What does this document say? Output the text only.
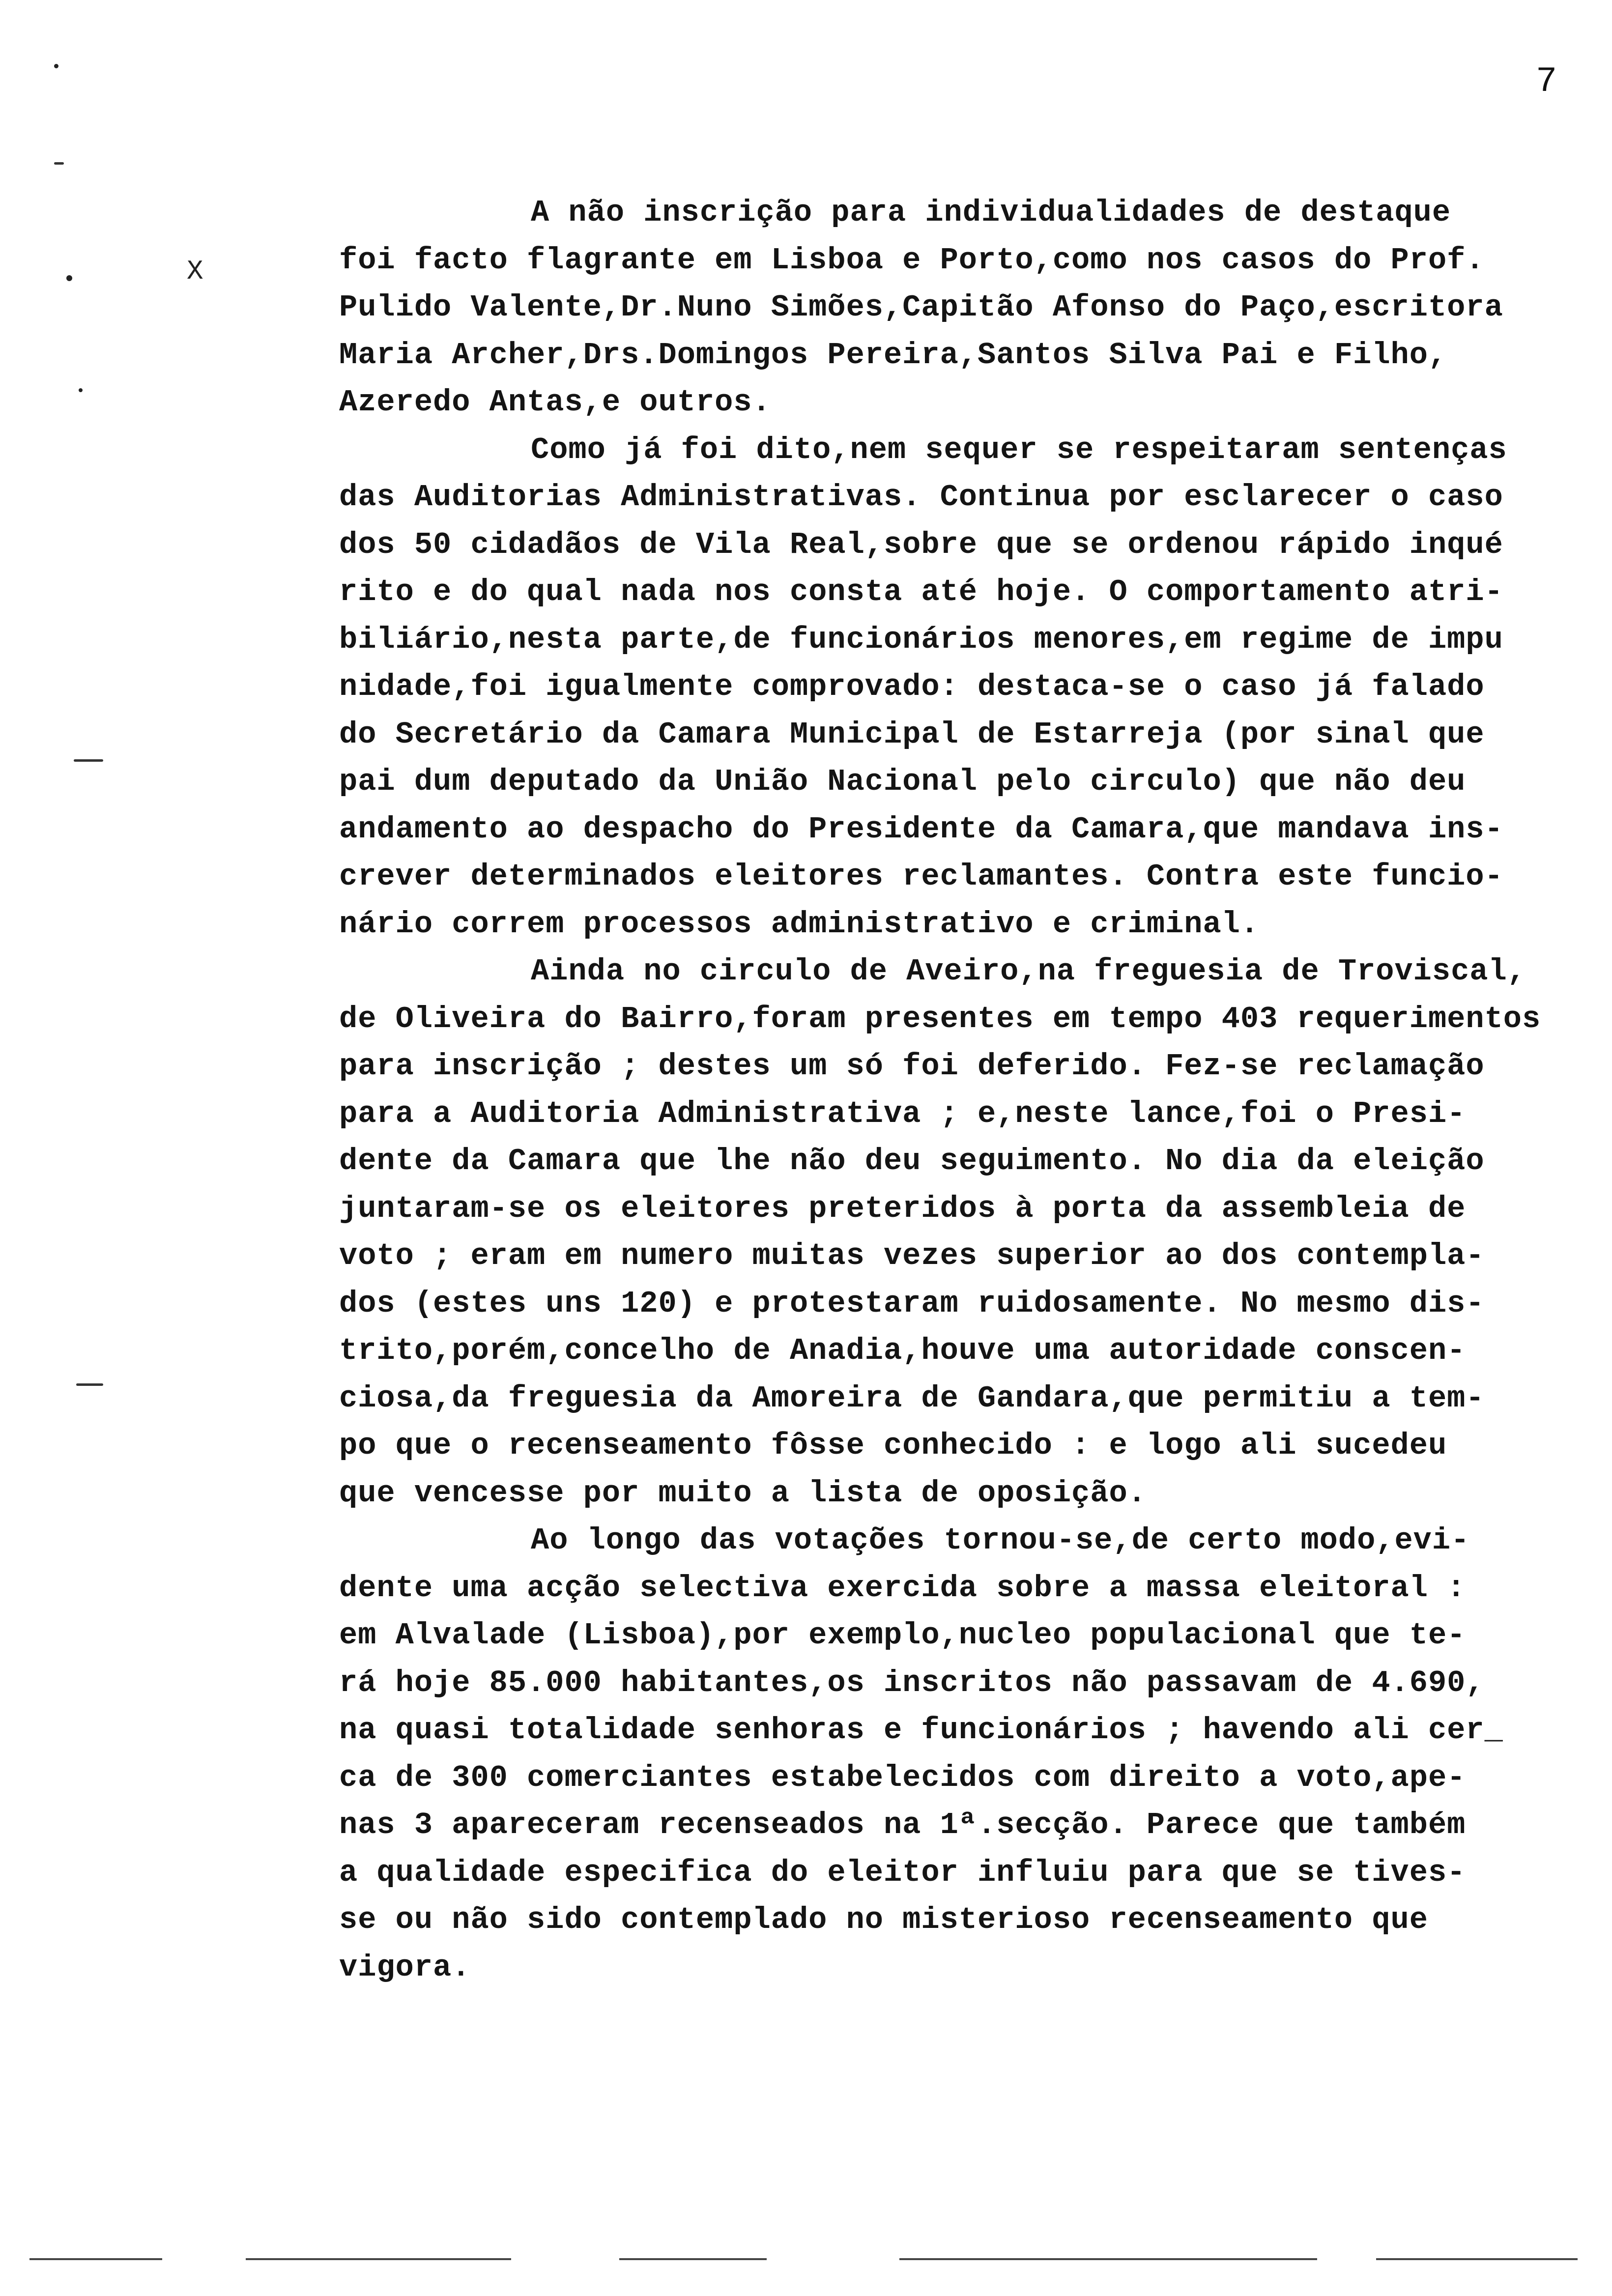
7
X
A não inscrição para individualidades de destaque
foi facto flagrante em Lisboa e Porto,como nos casos do Prof.
Pulido Valente,Dr.Nuno Simões,Capitão Afonso do Paço,escritora
Maria Archer,Drs.Domingos Pereira,Santos Silva Pai e Filho,
Azeredo Antas,e outros.
Como já foi dito,nem sequer se respeitaram sentenças
das Auditorias Administrativas. Continua por esclarecer o caso
dos 50 cidadãos de Vila Real,sobre que se ordenou rápido inqué
rito e do qual nada nos consta até hoje. O comportamento atri-
biliário,nesta parte,de funcionários menores,em regime de impu
nidade,foi igualmente comprovado: destaca-se o caso já falado
do Secretário da Camara Municipal de Estarreja (por sinal que
pai dum deputado da União Nacional pelo circulo) que não deu
andamento ao despacho do Presidente da Camara,que mandava ins-
crever determinados eleitores reclamantes. Contra este funcio-
nário correm processos administrativo e criminal.
Ainda no circulo de Aveiro,na freguesia de Troviscal,
de Oliveira do Bairro,foram presentes em tempo 403 requerimentos
para inscrição ; destes um só foi deferido. Fez-se reclamação
para a Auditoria Administrativa ; e,neste lance,foi o Presi-
dente da Camara que lhe não deu seguimento. No dia da eleição
juntaram-se os eleitores preteridos à porta da assembleia de
voto ; eram em numero muitas vezes superior ao dos contempla-
dos (estes uns 120) e protestaram ruidosamente. No mesmo dis-
trito,porém,concelho de Anadia,houve uma autoridade conscen-
ciosa,da freguesia da Amoreira de Gandara,que permitiu a tem-
po que o recenseamento fôsse conhecido : e logo ali sucedeu
que vencesse por muito a lista de oposição.
Ao longo das votações tornou-se,de certo modo,evi-
dente uma acção selectiva exercida sobre a massa eleitoral :
em Alvalade (Lisboa),por exemplo,nucleo populacional que te-
rá hoje 85.000 habitantes,os inscritos não passavam de 4.690,
na quasi totalidade senhoras e funcionários ; havendo ali cer_
ca de 300 comerciantes estabelecidos com direito a voto,ape-
nas 3 apareceram recenseados na 1ª.secção. Parece que também
a qualidade especifica do eleitor influiu para que se tives-
se ou não sido contemplado no misterioso recenseamento que
vigora.
